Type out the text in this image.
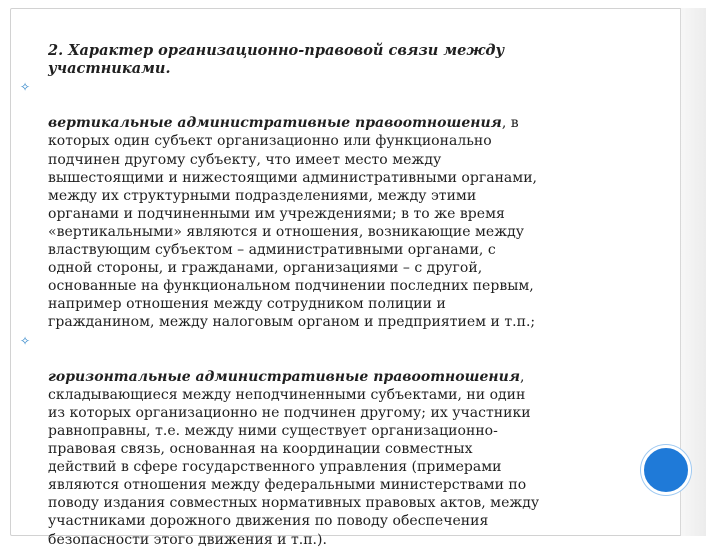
2. Характер организационно-правовой связи между
участниками.

✧

вертикальные административные правоотношения, в
которых один субъект организационно или функционально
подчинен другому субъекту, что имеет место между
вышестоящими и нижестоящими административными органами,
между их структурными подразделениями, между этими
органами и подчиненными им учреждениями; в то же время
«вертикальными» являются и отношения, возникающие между
властвующим субъектом – административными органами, с
одной стороны, и гражданами, организациями – с другой,
основанные на функциональном подчинении последних первым,
например отношения между сотрудником полиции и
гражданином, между налоговым органом и предприятием и т.п.;

✧

горизонтальные административные правоотношения,
складывающиеся между неподчиненными субъектами, ни один
из которых организационно не подчинен другому; их участники
равноправны, т.е. между ними существует организационно-
правовая связь, основанная на координации совместных
действий в сфере государственного управления (примерами
являются отношения между федеральными министерствами по
поводу издания совместных нормативных правовых актов, между
участниками дорожного движения по поводу обеспечения
безопасности этого движения и т.п.).
